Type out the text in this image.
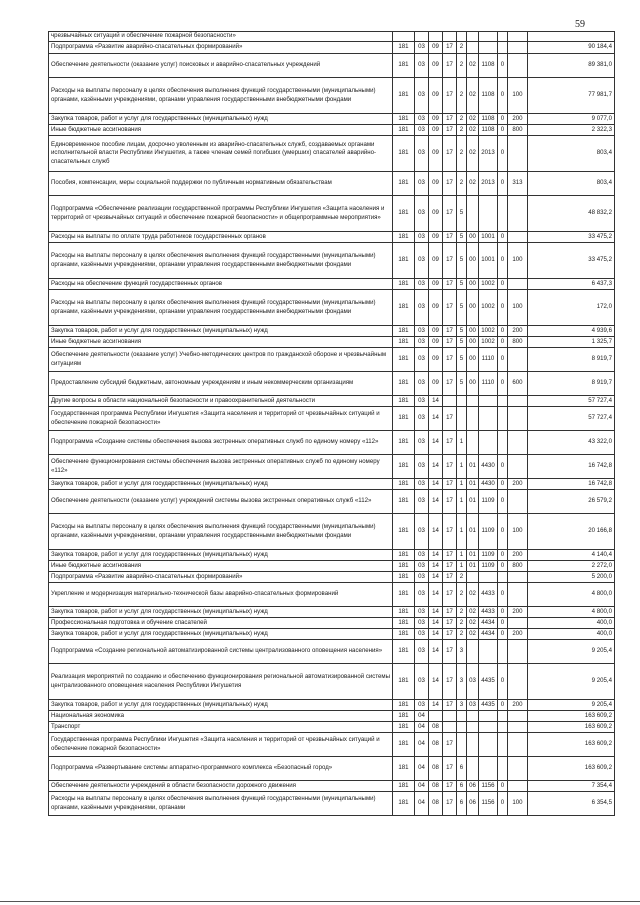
59
чрезвычайных ситуаций и обеспечение пожарной безопасности»										
Подпрограмма «Развитие аварийно-спасательных формирований»	181	03	09	17	2					90 184,4
Обеспечение деятельности (оказание услуг) поисковых и аварийно-спасательных учреждений	181	03	09	17	2	02	1108	0		89 381,0
Расходы на выплаты персоналу в целях обеспечения выполнения функций государственными (муниципальными) органами, казёнными учреждениями, органами управления государственными внебюджетными фондами	181	03	09	17	2	02	1108	0	100	77 981,7
Закупка товаров, работ и услуг для государственных (муниципальных) нужд	181	03	09	17	2	02	1108	0	200	9 077,0
Иные бюджетные ассигнования	181	03	09	17	2	02	1108	0	800	2 322,3
Единовременное пособие лицам, досрочно уволенным из аварийно-спасательных служб, создаваемых органами исполнительной власти Республики Ингушетия, а также членам семей погибших (умерших) спасателей аварийно-спасательных служб	181	03	09	17	2	02	2013	0		803,4
Пособия, компенсации, меры социальной поддержки по публичным нормативным обязательствам	181	03	09	17	2	02	2013	0	313	803,4
Подпрограмма «Обеспечение реализации государственной программы Республики Ингушетия «Защита населения и территорий от чрезвычайных ситуаций и обеспечение пожарной безопасности» и общепрограммные мероприятия»	181	03	09	17	5					48 832,2
Расходы на выплаты по оплате труда работников государственных органов	181	03	09	17	5	00	1001	0		33 475,2
Расходы на выплаты персоналу в целях обеспечения выполнения функций государственными (муниципальными) органами, казёнными учреждениями, органами управления государственными внебюджетными фондами	181	03	09	17	5	00	1001	0	100	33 475,2
Расходы на обеспечение функций государственных органов	181	03	09	17	5	00	1002	0		6 437,3
Расходы на выплаты персоналу в целях обеспечения выполнения функций государственными (муниципальными) органами, казёнными учреждениями, органами управления государственными внебюджетными фондами	181	03	09	17	5	00	1002	0	100	172,0
Закупка товаров, работ и услуг для государственных (муниципальных) нужд	181	03	09	17	5	00	1002	0	200	4 939,6
Иные бюджетные ассигнования	181	03	09	17	5	00	1002	0	800	1 325,7
Обеспечение деятельности (оказание услуг) Учебно-методических центров по гражданской обороне и чрезвычайным ситуациям	181	03	09	17	5	00	1110	0		8 919,7
Предоставление субсидий бюджетным, автономным учреждениям и иным некоммерческим организациям	181	03	09	17	5	00	1110	0	600	8 919,7
Другие вопросы в области национальной безопасности и правоохранительной деятельности	181	03	14							57 727,4
Государственная программа Республики Ингушетия «Защита населения и территорий от чрезвычайных ситуаций и обеспечение пожарной безопасности»	181	03	14	17						57 727,4
Подпрограмма «Создание системы обеспечения вызова экстренных оперативных служб по единому номеру «112»	181	03	14	17	1					43 322,0
Обеспечение функционирования системы обеспечения вызова экстренных оперативных служб по единому номеру «112»	181	03	14	17	1	01	4430	0		16 742,8
Закупка товаров, работ и услуг для государственных (муниципальных) нужд	181	03	14	17	1	01	4430	0	200	16 742,8
Обеспечение деятельности (оказание услуг) учреждений системы вызова экстренных оперативных служб «112»	181	03	14	17	1	01	1109	0		26 579,2
Расходы на выплаты персоналу в целях обеспечения выполнения функций государственными (муниципальными) органами, казёнными учреждениями, органами управления государственными внебюджетными фондами	181	03	14	17	1	01	1109	0	100	20 166,8
Закупка товаров, работ и услуг для государственных (муниципальных) нужд	181	03	14	17	1	01	1109	0	200	4 140,4
Иные бюджетные ассигнования	181	03	14	17	1	01	1109	0	800	2 272,0
Подпрограмма «Развитие аварийно-спасательных формирований»	181	03	14	17	2					5 200,0
Укрепление и модернизация материально-технической базы аварийно-спасательных формирований	181	03	14	17	2	02	4433	0		4 800,0
Закупка товаров, работ и услуг для государственных (муниципальных) нужд	181	03	14	17	2	02	4433	0	200	4 800,0
Профессиональная подготовка и обучение спасателей	181	03	14	17	2	02	4434	0		400,0
Закупка товаров, работ и услуг для государственных (муниципальных) нужд	181	03	14	17	2	02	4434	0	200	400,0
Подпрограмма «Создание региональной автоматизированной системы централизованного оповещения населения»	181	03	14	17	3					9 205,4
Реализация мероприятий по созданию и обеспечению функционирования региональной автоматизированной системы централизованного оповещения населения Республики Ингушетия	181	03	14	17	3	03	4435	0		9 205,4
Закупка товаров, работ и услуг для государственных (муниципальных) нужд	181	03	14	17	3	03	4435	0	200	9 205,4
Национальная экономика	181	04								163 609,2
Транспорт	181	04	08							163 609,2
Государственная программа Республики Ингушетия «Защита населения и территорий от чрезвычайных ситуаций и обеспечение пожарной безопасности»	181	04	08	17						163 609,2
Подпрограмма «Развертывание системы аппаратно-программного комплекса «Безопасный город»	181	04	08	17	6					163 609,2
Обеспечение деятельности учреждений в области безопасности дорожного движения	181	04	08	17	6	06	1156	0		7 354,4
Расходы на выплаты персоналу в целях обеспечения выполнения функций государственными (муниципальными) органами, казёнными учреждениями, органами	181	04	08	17	6	06	1156	0	100	6 354,5
